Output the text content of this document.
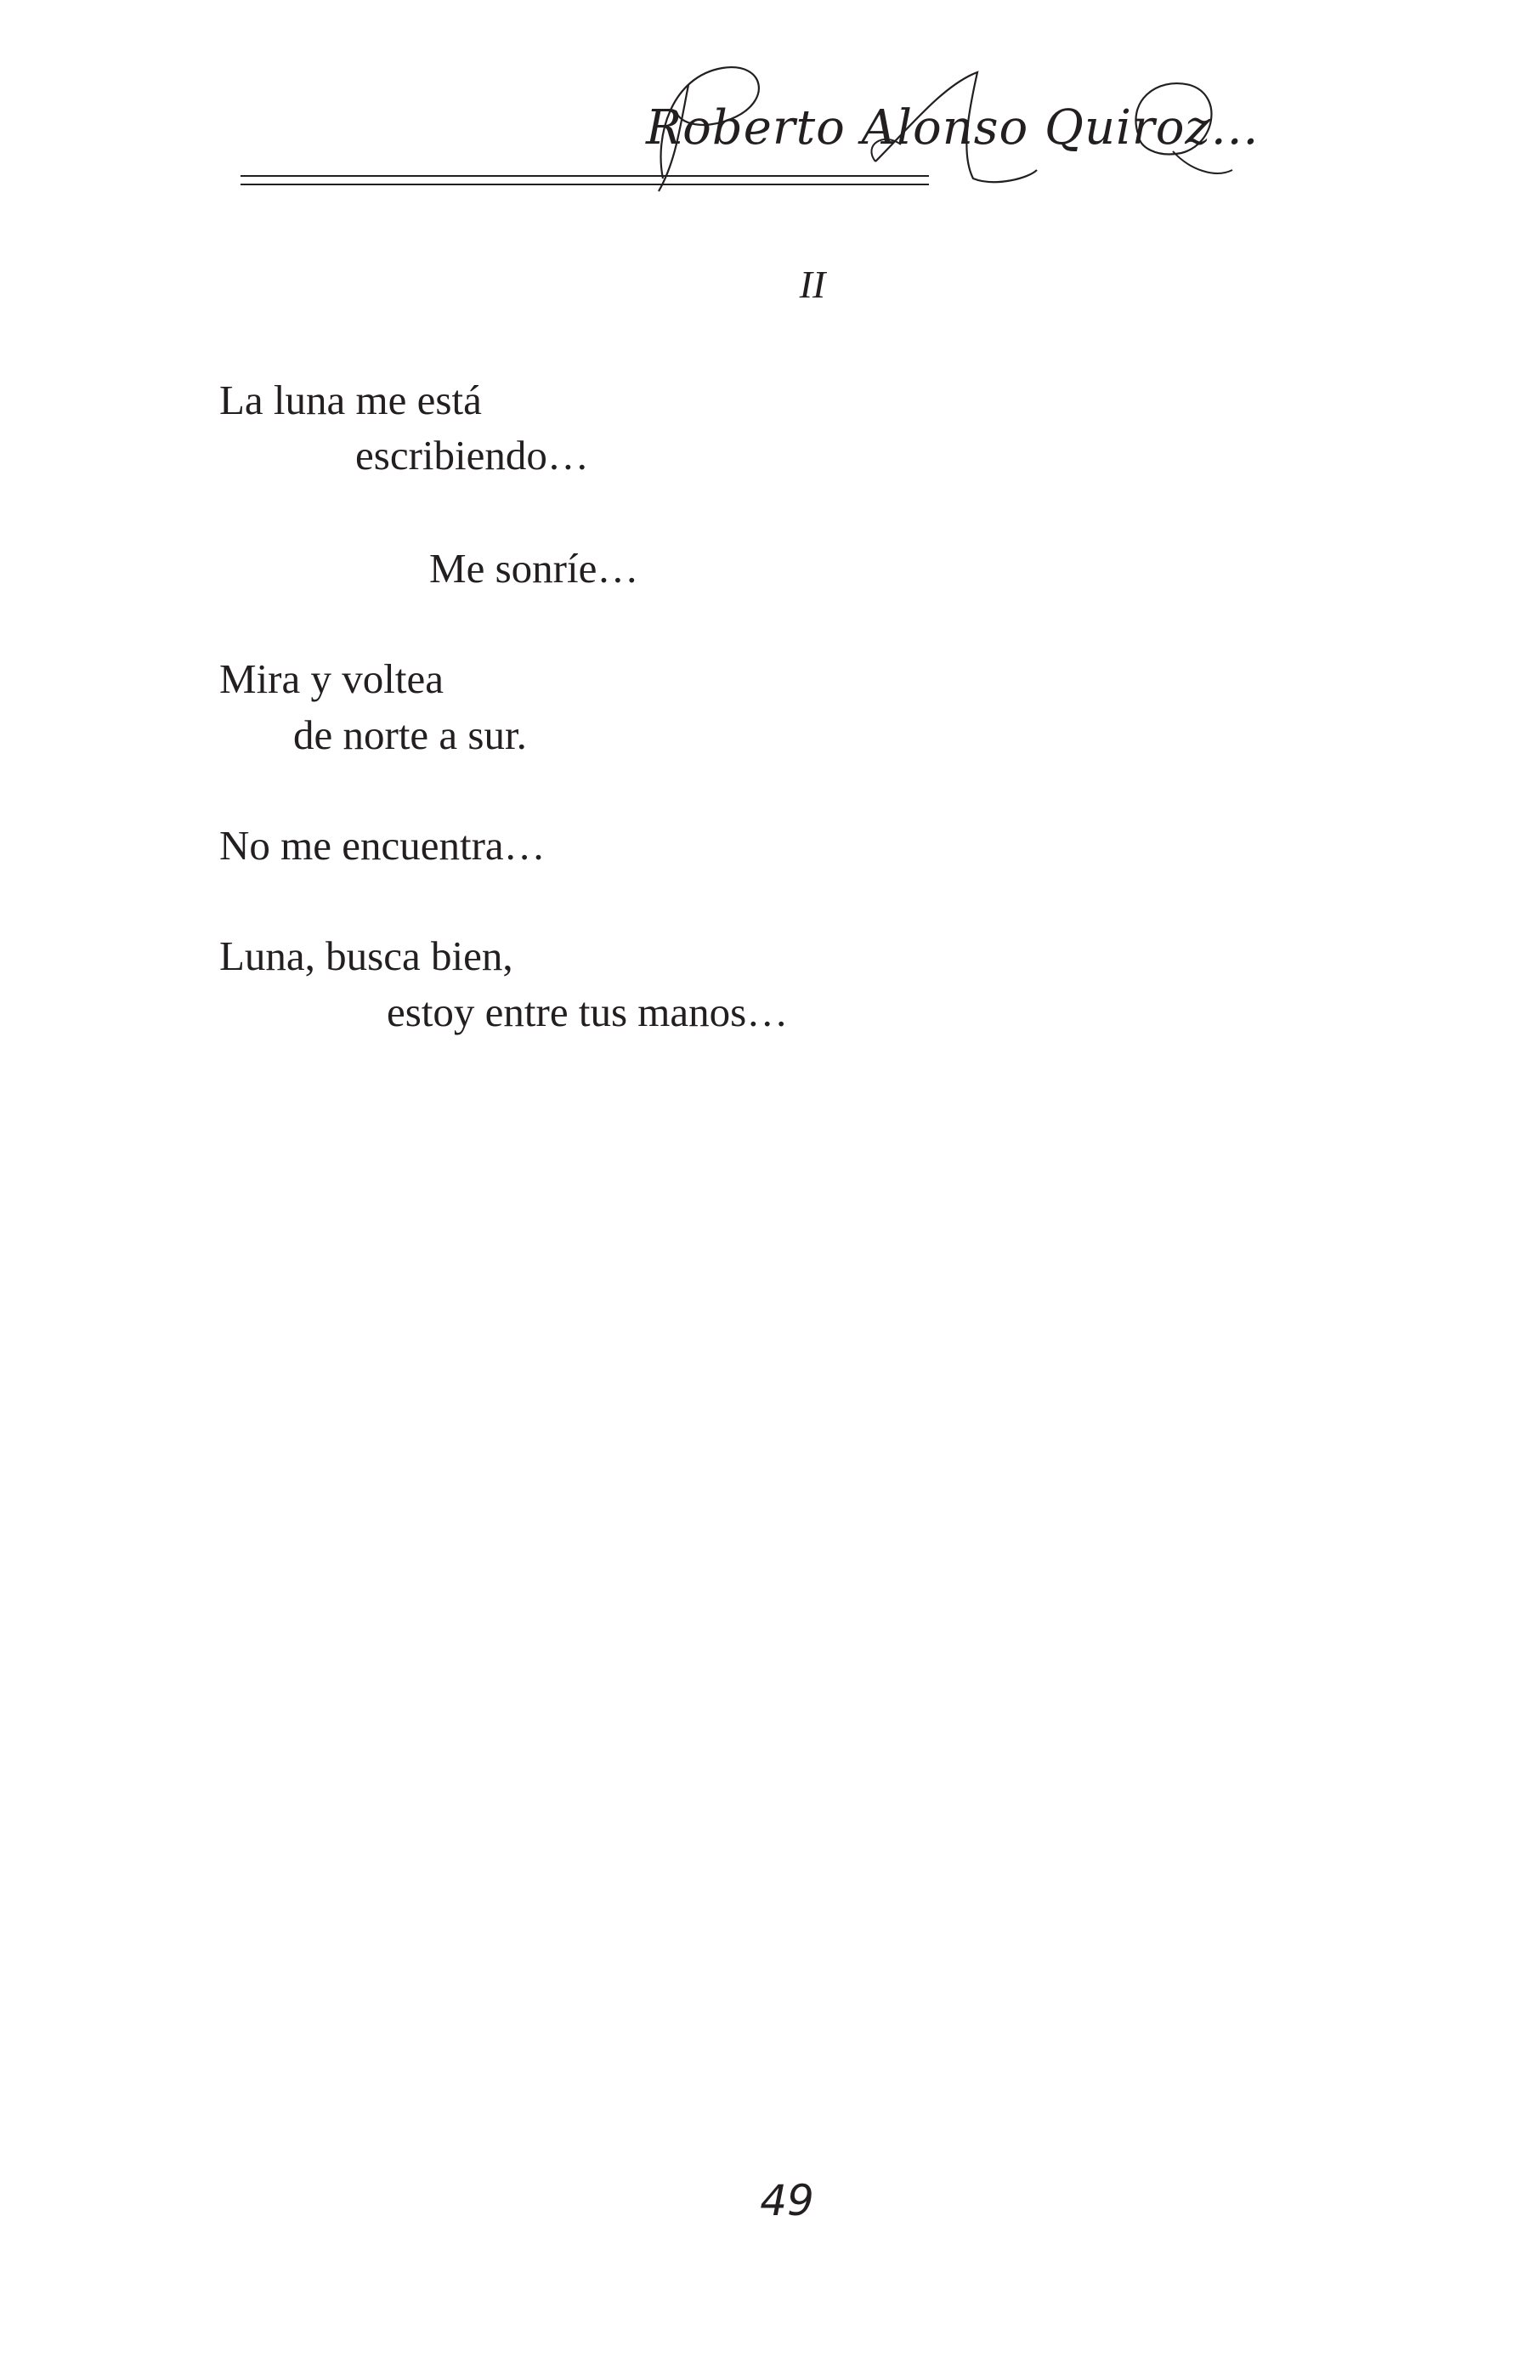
Roberto Alonso Quiroz...
II
La luna me está
escribiendo…
Me sonríe…
Mira y voltea
de norte a sur.
No me encuentra…
Luna, busca bien,
estoy entre tus manos…
49
